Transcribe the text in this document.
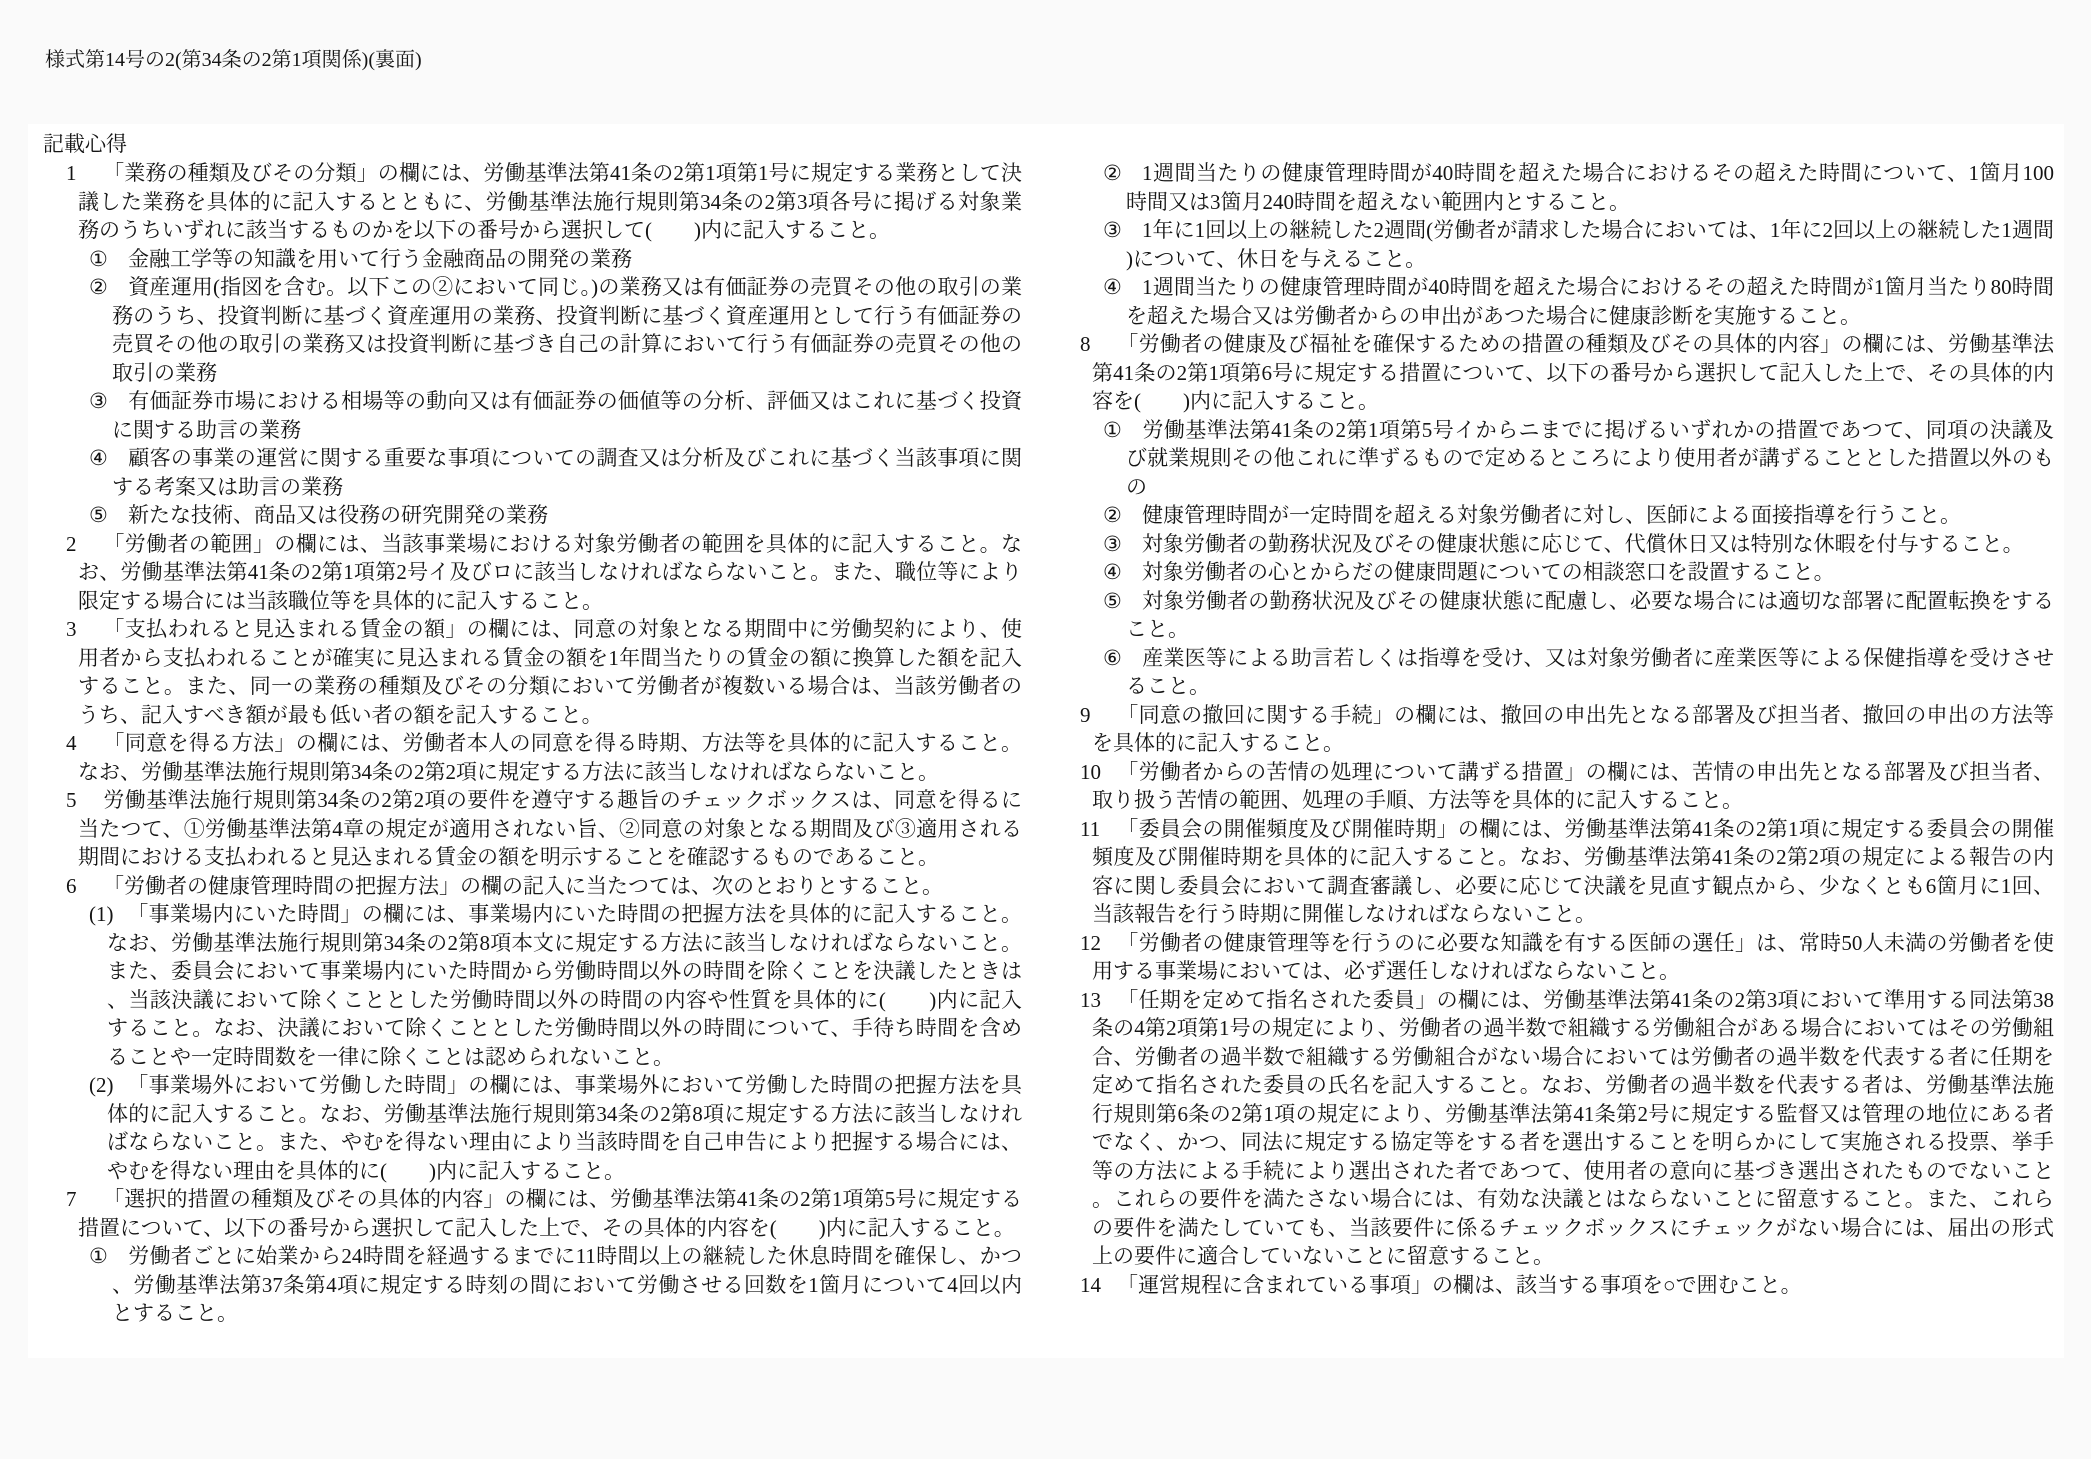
様式第14号の2(第34条の2第1項関係)(裏面)
記載心得
1 「業務の種類及びその分類」の欄には、労働基準法第41条の2第1項第1号に規定する業務として決議した業務を具体的に記入するとともに、労働基準法施行規則第34条の2第3項各号に掲げる対象業務のうちいずれに該当するものかを以下の番号から選択して(　　)内に記入すること。
① 金融工学等の知識を用いて行う金融商品の開発の業務
② 資産運用(指図を含む。以下この②において同じ。)の業務又は有価証券の売買その他の取引の業務のうち、投資判断に基づく資産運用の業務、投資判断に基づく資産運用として行う有価証券の売買その他の取引の業務又は投資判断に基づき自己の計算において行う有価証券の売買その他の取引の業務
③ 有価証券市場における相場等の動向又は有価証券の価値等の分析、評価又はこれに基づく投資に関する助言の業務
④ 顧客の事業の運営に関する重要な事項についての調査又は分析及びこれに基づく当該事項に関する考案又は助言の業務
⑤ 新たな技術、商品又は役務の研究開発の業務
2 「労働者の範囲」の欄には、当該事業場における対象労働者の範囲を具体的に記入すること。なお、労働基準法第41条の2第1項第2号イ及びロに該当しなければならないこと。また、職位等により限定する場合には当該職位等を具体的に記入すること。
3 「支払われると見込まれる賃金の額」の欄には、同意の対象となる期間中に労働契約により、使用者から支払われることが確実に見込まれる賃金の額を1年間当たりの賃金の額に換算した額を記入すること。また、同一の業務の種類及びその分類において労働者が複数いる場合は、当該労働者のうち、記入すべき額が最も低い者の額を記入すること。
4 「同意を得る方法」の欄には、労働者本人の同意を得る時期、方法等を具体的に記入すること。なお、労働基準法施行規則第34条の2第2項に規定する方法に該当しなければならないこと。
5 労働基準法施行規則第34条の2第2項の要件を遵守する趣旨のチェックボックスは、同意を得るに当たつて、①労働基準法第4章の規定が適用されない旨、②同意の対象となる期間及び③適用される期間における支払われると見込まれる賃金の額を明示することを確認するものであること。
6 「労働者の健康管理時間の把握方法」の欄の記入に当たつては、次のとおりとすること。
(1) 「事業場内にいた時間」の欄には、事業場内にいた時間の把握方法を具体的に記入すること。なお、労働基準法施行規則第34条の2第8項本文に規定する方法に該当しなければならないこと。また、委員会において事業場内にいた時間から労働時間以外の時間を除くことを決議したときは、当該決議において除くこととした労働時間以外の時間の内容や性質を具体的に(　　)内に記入すること。なお、決議において除くこととした労働時間以外の時間について、手待ち時間を含めることや一定時間数を一律に除くことは認められないこと。
(2) 「事業場外において労働した時間」の欄には、事業場外において労働した時間の把握方法を具体的に記入すること。なお、労働基準法施行規則第34条の2第8項に規定する方法に該当しなければならないこと。また、やむを得ない理由により当該時間を自己申告により把握する場合には、やむを得ない理由を具体的に(　　)内に記入すること。
7 「選択的措置の種類及びその具体的内容」の欄には、労働基準法第41条の2第1項第5号に規定する措置について、以下の番号から選択して記入した上で、その具体的内容を(　　)内に記入すること。
① 労働者ごとに始業から24時間を経過するまでに11時間以上の継続した休息時間を確保し、かつ、労働基準法第37条第4項に規定する時刻の間において労働させる回数を1箇月について4回以内とすること。
② 1週間当たりの健康管理時間が40時間を超えた場合におけるその超えた時間について、1箇月100時間又は3箇月240時間を超えない範囲内とすること。
③ 1年に1回以上の継続した2週間(労働者が請求した場合においては、1年に2回以上の継続した1週間)について、休日を与えること。
④ 1週間当たりの健康管理時間が40時間を超えた場合におけるその超えた時間が1箇月当たり80時間を超えた場合又は労働者からの申出があつた場合に健康診断を実施すること。
8 「労働者の健康及び福祉を確保するための措置の種類及びその具体的内容」の欄には、労働基準法第41条の2第1項第6号に規定する措置について、以下の番号から選択して記入した上で、その具体的内容を(　　)内に記入すること。
① 労働基準法第41条の2第1項第5号イからニまでに掲げるいずれかの措置であつて、同項の決議及び就業規則その他これに準ずるもので定めるところにより使用者が講ずることとした措置以外のもの
② 健康管理時間が一定時間を超える対象労働者に対し、医師による面接指導を行うこと。
③ 対象労働者の勤務状況及びその健康状態に応じて、代償休日又は特別な休暇を付与すること。
④ 対象労働者の心とからだの健康問題についての相談窓口を設置すること。
⑤ 対象労働者の勤務状況及びその健康状態に配慮し、必要な場合には適切な部署に配置転換をすること。
⑥ 産業医等による助言若しくは指導を受け、又は対象労働者に産業医等による保健指導を受けさせること。
9 「同意の撤回に関する手続」の欄には、撤回の申出先となる部署及び担当者、撤回の申出の方法等を具体的に記入すること。
10 「労働者からの苦情の処理について講ずる措置」の欄には、苦情の申出先となる部署及び担当者、取り扱う苦情の範囲、処理の手順、方法等を具体的に記入すること。
11 「委員会の開催頻度及び開催時期」の欄には、労働基準法第41条の2第1項に規定する委員会の開催頻度及び開催時期を具体的に記入すること。なお、労働基準法第41条の2第2項の規定による報告の内容に関し委員会において調査審議し、必要に応じて決議を見直す観点から、少なくとも6箇月に1回、当該報告を行う時期に開催しなければならないこと。
12 「労働者の健康管理等を行うのに必要な知識を有する医師の選任」は、常時50人未満の労働者を使用する事業場においては、必ず選任しなければならないこと。
13 「任期を定めて指名された委員」の欄には、労働基準法第41条の2第3項において準用する同法第38条の4第2項第1号の規定により、労働者の過半数で組織する労働組合がある場合においてはその労働組合、労働者の過半数で組織する労働組合がない場合においては労働者の過半数を代表する者に任期を定めて指名された委員の氏名を記入すること。なお、労働者の過半数を代表する者は、労働基準法施行規則第6条の2第1項の規定により、労働基準法第41条第2号に規定する監督又は管理の地位にある者でなく、かつ、同法に規定する協定等をする者を選出することを明らかにして実施される投票、挙手等の方法による手続により選出された者であつて、使用者の意向に基づき選出されたものでないこと。これらの要件を満たさない場合には、有効な決議とはならないことに留意すること。また、これらの要件を満たしていても、当該要件に係るチェックボックスにチェックがない場合には、届出の形式上の要件に適合していないことに留意すること。
14 「運営規程に含まれている事項」の欄は、該当する事項を○で囲むこと。
